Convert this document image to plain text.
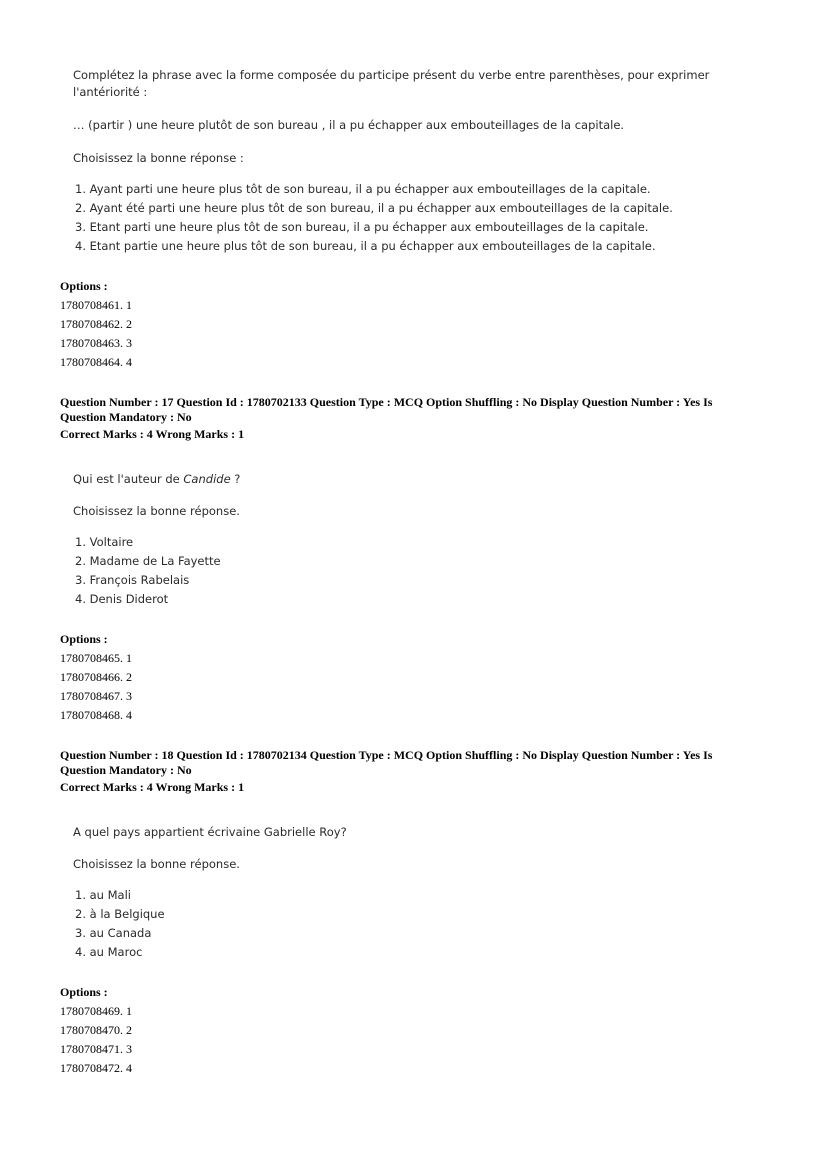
Complétez la phrase avec la forme composée du participe présent du verbe entre parenthèses, pour exprimer l'antériorité :
… (partir ) une heure plutôt de son bureau , il a pu échapper aux embouteillages de la capitale.
Choisissez la bonne réponse :
1. Ayant parti une heure plus tôt de son bureau, il a pu échapper aux embouteillages de la capitale.
2. Ayant été parti une heure plus tôt de son bureau, il a pu échapper aux embouteillages de la capitale.
3. Etant parti une heure plus tôt de son bureau, il a pu échapper aux embouteillages de la capitale.
4. Etant partie une heure plus tôt de son bureau, il a pu échapper aux embouteillages de la capitale.
Options :
1780708461. 1
1780708462. 2
1780708463. 3
1780708464. 4
Question Number : 17 Question Id : 1780702133 Question Type : MCQ Option Shuffling : No Display Question Number : Yes Is Question Mandatory : No
Correct Marks : 4 Wrong Marks : 1
Qui est l'auteur de Candide ?
Choisissez la bonne réponse.
1. Voltaire
2. Madame de La Fayette
3. François Rabelais
4. Denis Diderot
Options :
1780708465. 1
1780708466. 2
1780708467. 3
1780708468. 4
Question Number : 18 Question Id : 1780702134 Question Type : MCQ Option Shuffling : No Display Question Number : Yes Is Question Mandatory : No
Correct Marks : 4 Wrong Marks : 1
A quel pays appartient écrivaine Gabrielle Roy?
Choisissez la bonne réponse.
1. au Mali
2. à la Belgique
3. au Canada
4. au Maroc
Options :
1780708469. 1
1780708470. 2
1780708471. 3
1780708472. 4
